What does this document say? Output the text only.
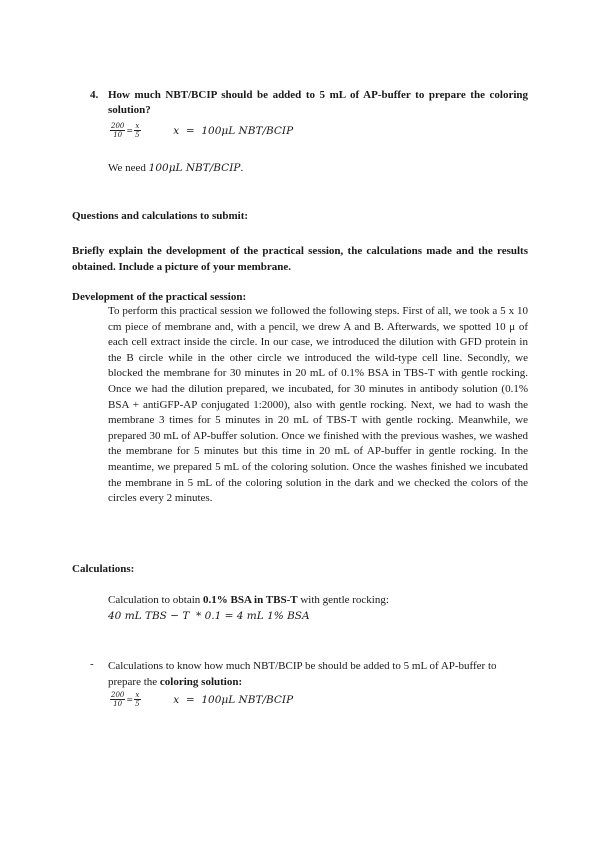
4. How much NBT/BCIP should be added to 5 mL of AP-buffer to prepare the coloring solution?
$\frac{200}{10} = \frac{x}{5}$	x  =  100μL NBT/BCIP
We need 100μL NBT/BCIP.
Questions and calculations to submit:
Briefly explain the development of the practical session, the calculations made and the results obtained. Include a picture of your membrane.
Development of the practical session:
To perform this practical session we followed the following steps. First of all, we took a 5 x 10 cm piece of membrane and, with a pencil, we drew A and B. Afterwards, we spotted 10 μ of each cell extract inside the circle. In our case, we introduced the dilution with GFD protein in the B circle while in the other circle we introduced the wild-type cell line. Secondly, we blocked the membrane for 30 minutes in 20 mL of 0.1% BSA in TBS-T with gentle rocking. Once we had the dilution prepared, we incubated, for 30 minutes in antibody solution (0.1% BSA + antiGFP-AP conjugated 1:2000), also with gentle rocking. Next, we had to wash the membrane 3 times for 5 minutes in 20 mL of TBS-T with gentle rocking. Meanwhile, we prepared 30 mL of AP-buffer solution. Once we finished with the previous washes, we washed the membrane for 5 minutes but this time in 20 mL of AP-buffer in gentle rocking. In the meantime, we prepared 5 mL of the coloring solution. Once the washes finished we incubated the membrane in 5 mL of the coloring solution in the dark and we checked the colors of the circles every 2 minutes.
Calculations:
Calculation to obtain 0.1% BSA in TBS-T with gentle rocking:
40 mL TBS − T  * 0.1 = 4 mL 1% BSA
- Calculations to know how much NBT/BCIP be should be added to 5 mL of AP-buffer to prepare the coloring solution:
$\frac{200}{10} = \frac{x}{5}$	x  =  100μL NBT/BCIP
